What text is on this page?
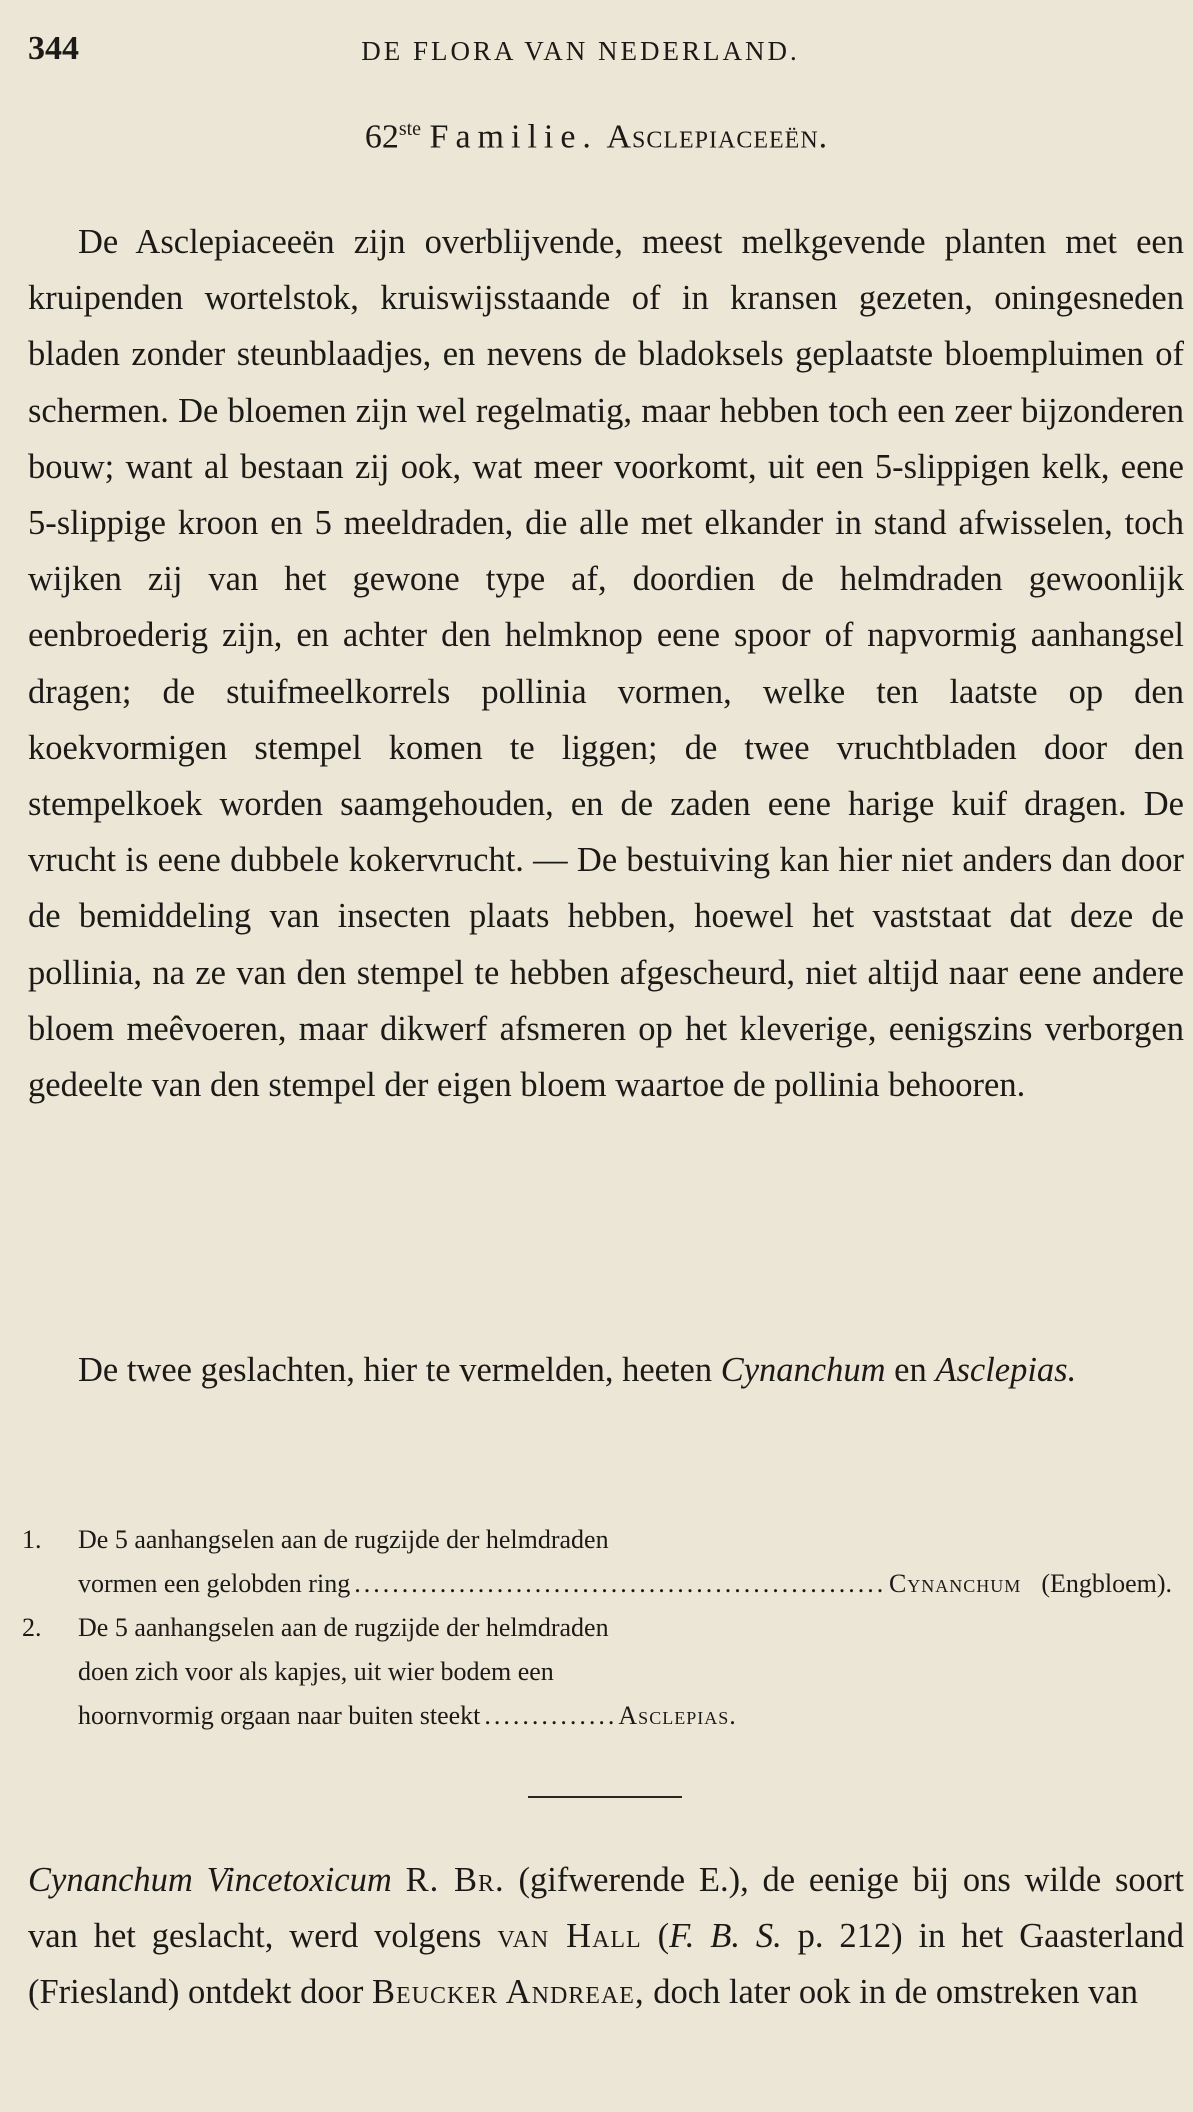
344	DE FLORA VAN NEDERLAND.
62ste Familie. Asclepiaceeën.

De Asclepiaceeën zijn overblijvende, meest melkgevende planten met een kruipenden wortelstok, kruiswijsstaande of in kransen gezeten, oningesneden bladen zonder steunblaadjes, en nevens de bladoksels geplaatste bloempluimen of schermen. De bloemen zijn wel regelmatig, maar hebben toch een zeer bijzonderen bouw; want al bestaan zij ook, wat meer voorkomt, uit een 5-slippigen kelk, eene 5-slippige kroon en 5 meeldraden, die alle met elkander in stand afwisselen, toch wijken zij van het gewone type af, doordien de helmdraden gewoonlijk eenbroederig zijn, en achter den helmknop eene spoor of napvormig aanhangsel dragen; de stuifmeelkorrels pollinia vormen, welke ten laatste op den koekvormigen stempel komen te liggen; de twee vruchtbladen door den stempelkoek worden saamgehouden, en de zaden eene harige kuif dragen. De vrucht is eene dubbele kokervrucht. — De bestuiving kan hier niet anders dan door de bemiddeling van insecten plaats hebben, hoewel het vaststaat dat deze de pollinia, na ze van den stempel te hebben afgescheurd, niet altijd naar eene andere bloem meêvoeren, maar dikwerf afsmeren op het kleverige, eenigszins verborgen gedeelte van den stempel der eigen bloem waartoe de pollinia behooren.

De twee geslachten, hier te vermelden, heeten Cynanchum en Asclepias.

1. De 5 aanhangselen aan de rugzijde der helmdraden
vormen een gelobden ring .....	Cynanchum (Engbloem).
2. De 5 aanhangselen aan de rugzijde der helmdraden
doen zich voor als kapjes, uit wier bodem een
hoornvormig orgaan naar buiten steekt .....	Asclepias.

Cynanchum Vincetoxicum R. Br. (gifwerende E.), de eenige bij ons wilde soort van het geslacht, werd volgens van Hall (F. B. S. p. 212) in het Gaasterland (Friesland) ontdekt door Beucker Andreae, doch later ook in de omstreken van
